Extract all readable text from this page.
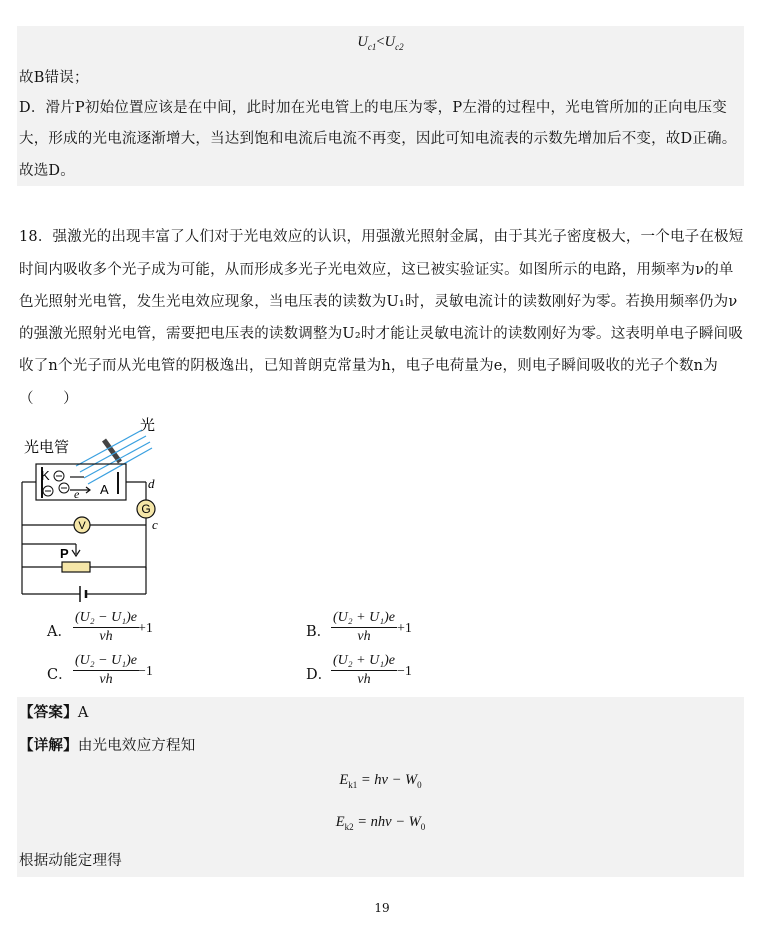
$U_{c1}<U_{c2}$
故B错误；
D．滑片P初始位置应该是在中间，此时加在光电管上的电压为零，P左滑的过程中，光电管所加的正向电压变
大，形成的光电流逐渐增大，当达到饱和电流后电流不再变，因此可知电流表的示数先增加后不变，故D正确。
故选D。
18．强激光的出现丰富了人们对于光电效应的认识，用强激光照射金属，由于其光子密度极大，一个电子在极短
时间内吸收多个光子成为可能，从而形成多光子光电效应，这已被实验证实。如图所示的电路，用频率为ν的单
色光照射光电管，发生光电效应现象，当电压表的读数为U₁时，灵敏电流计的读数刚好为零。若换用频率仍为ν
的强激光照射光电管，需要把电压表的读数调整为U₂时才能让灵敏电流计的读数刚好为零。这表明单电子瞬间吸
收了n个光子而从光电管的阴极逸出，已知普朗克常量为h，电子电荷量为e，则电子瞬间吸收的光子个数n为
（　　）
G
V
光电管
光
K
A
e
d
c
P
A． $\frac{\text{(U₂ − U₁)e}}{\nu h} +1$	B． $\frac{\text{(U₂ + U₁)e}}{\nu h} +1$
C． $\frac{\text{(U₂ − U₁)e}}{\nu h} -1$	D．
$\frac{\text{(U₂ + U₁)e}}{\nu h} -1$
【答案】A
【详解】由光电效应方程知
$E_{k1} = h\nu - W_0$
$E_{k2} = nh\nu - W_0$
根据动能定理得
19
